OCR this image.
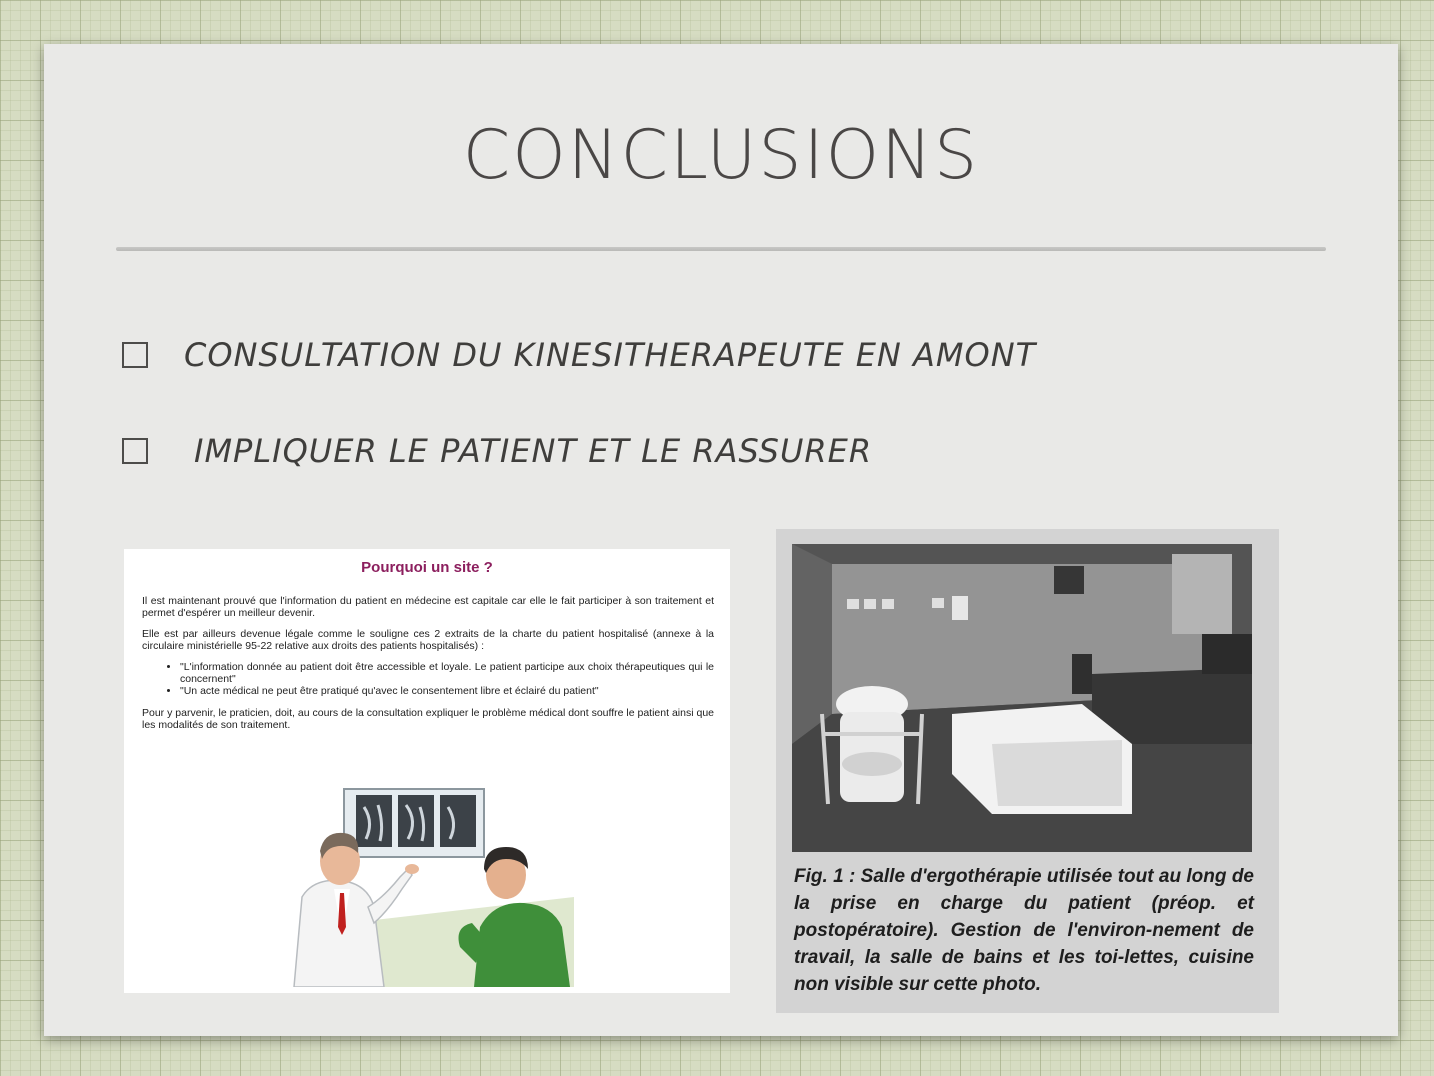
CONCLUSIONS
CONSULTATION DU KINESITHERAPEUTE EN AMONT
IMPLIQUER LE PATIENT ET LE RASSURER
Pourquoi un site ?

Il est maintenant prouvé que l'information du patient en médecine est capitale car elle le fait participer à son traitement et permet d'espérer un meilleur devenir.

Elle est par ailleurs devenue légale comme le souligne ces 2 extraits de la charte du patient hospitalisé (annexe à la circulaire ministérielle 95-22 relative aux droits des patients hospitalisés) :

• "L'information donnée au patient doit être accessible et loyale. Le patient participe aux choix thérapeutiques qui le concernent"
• "Un acte médical ne peut être pratiqué qu'avec le consentement libre et éclairé du patient"

Pour y parvenir, le praticien, doit, au cours de la consultation expliquer le problème médical dont souffre le patient ainsi que les modalités de son traitement.

Fig. 1 : Salle d'ergothérapie utilisée tout au long de la prise en charge du patient (préop. et postopératoire). Gestion de l'environ-nement de travail, la salle de bains et les toi-lettes, cuisine non visible sur cette photo.
